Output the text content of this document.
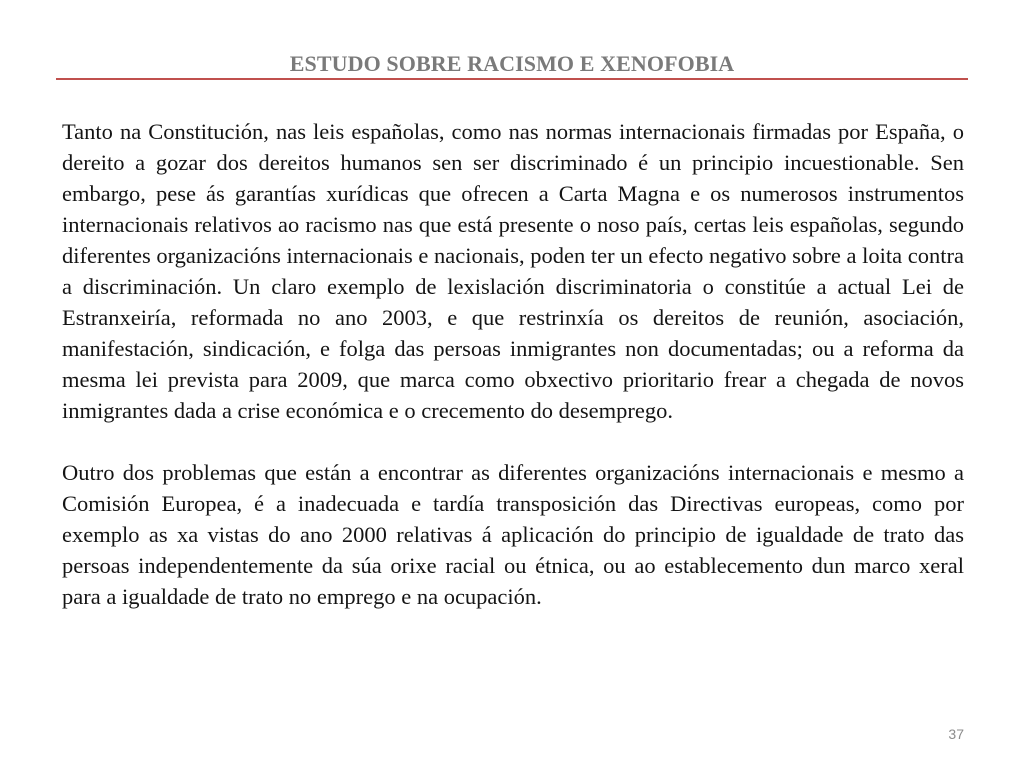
ESTUDO SOBRE RACISMO E XENOFOBIA

Tanto na Constitución, nas leis españolas, como nas normas internacionais firmadas por España, o dereito a gozar dos dereitos humanos sen ser discriminado é un principio incuestionable. Sen embargo, pese ás garantías xurídicas que ofrecen a Carta Magna e os numerosos instrumentos internacionais relativos ao racismo nas que está presente o noso país, certas leis españolas, segundo diferentes organizacións internacionais e nacionais, poden ter un efecto negativo sobre a loita contra a discriminación. Un claro exemplo de lexislación discriminatoria o constitúe a actual Lei de Estranxeiría, reformada no ano 2003, e que restrinxía os dereitos de reunión, asociación, manifestación, sindicación, e folga das persoas inmigrantes non documentadas; ou a reforma da mesma lei prevista para 2009, que marca como obxectivo prioritario frear a chegada de novos inmigrantes dada a crise económica e o crecemento do desemprego.

Outro dos problemas que están a encontrar as diferentes organizacións internacionais e mesmo a Comisión Europea, é a inadecuada e tardía transposición das Directivas europeas, como por exemplo as xa vistas do ano 2000 relativas á aplicación do principio de igualdade de trato das persoas independentemente da súa orixe racial ou étnica, ou ao establecemento dun marco xeral para a igualdade de trato no emprego e na ocupación.

37
